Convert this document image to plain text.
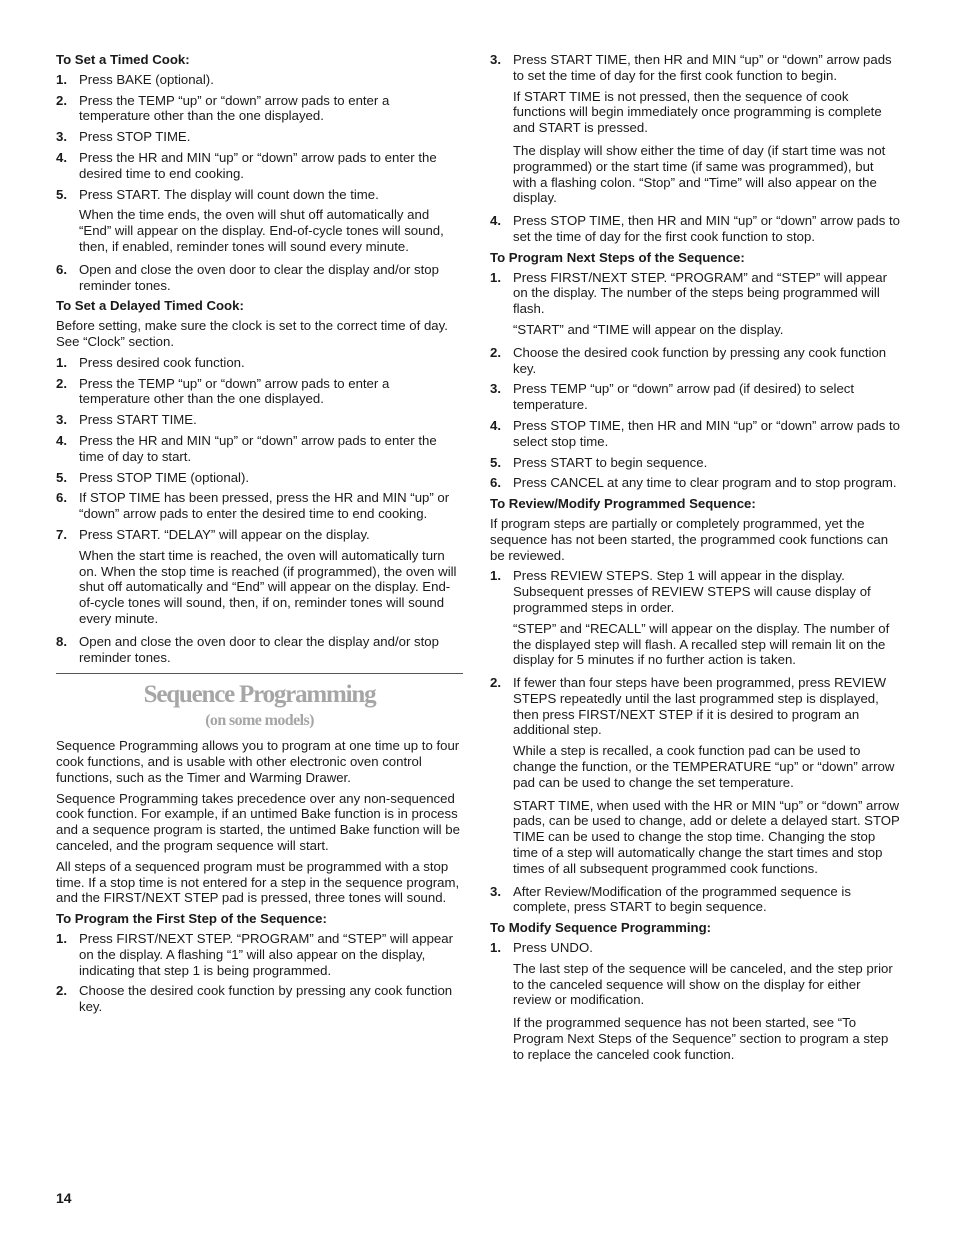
To Set a Timed Cook:
1. Press BAKE (optional).
2. Press the TEMP “up” or “down” arrow pads to enter a temperature other than the one displayed.
3. Press STOP TIME.
4. Press the HR and MIN “up” or “down” arrow pads to enter the desired time to end cooking.
5. Press START. The display will count down the time.
When the time ends, the oven will shut off automatically and “End” will appear on the display. End-of-cycle tones will sound, then, if enabled, reminder tones will sound every minute.
6. Open and close the oven door to clear the display and/or stop reminder tones.
To Set a Delayed Timed Cook:

Before setting, make sure the clock is set to the correct time of day. See “Clock” section.

1. Press desired cook function.
2. Press the TEMP “up” or “down” arrow pads to enter a temperature other than the one displayed.
3. Press START TIME.
4. Press the HR and MIN “up” or “down” arrow pads to enter the time of day to start.
5. Press STOP TIME (optional).
6. If STOP TIME has been pressed, press the HR and MIN “up” or “down” arrow pads to enter the desired time to end cooking.
7. Press START. “DELAY” will appear on the display.
When the start time is reached, the oven will automatically turn on. When the stop time is reached (if programmed), the oven will shut off automatically and “End” will appear on the display. End-of-cycle tones will sound, then, if on, reminder tones will sound every minute.
8. Open and close the oven door to clear the display and/or stop reminder tones.
Sequence Programming
(on some models)

Sequence Programming allows you to program at one time up to four cook functions, and is usable with other electronic oven control functions, such as the Timer and Warming Drawer.

Sequence Programming takes precedence over any non-sequenced cook function. For example, if an untimed Bake function is in process and a sequence program is started, the untimed Bake function will be canceled, and the program sequence will start.

All steps of a sequenced program must be programmed with a stop time. If a stop time is not entered for a step in the sequence program, and the FIRST/NEXT STEP pad is pressed, three tones will sound.

To Program the First Step of the Sequence:
1. Press FIRST/NEXT STEP. “PROGRAM” and “STEP” will appear on the display. A flashing “1” will also appear on the display, indicating that step 1 is being programmed.
2. Choose the desired cook function by pressing any cook function key.
3. Press START TIME, then HR and MIN “up” or “down” arrow pads to set the time of day for the first cook function to begin.
If START TIME is not pressed, then the sequence of cook functions will begin immediately once programming is complete and START is pressed.
The display will show either the time of day (if start time was not programmed) or the start time (if same was programmed), but with a flashing colon. “Stop” and “Time” will also appear on the display.
4. Press STOP TIME, then HR and MIN “up” or “down” arrow pads to set the time of day for the first cook function to stop.
To Program Next Steps of the Sequence:
1. Press FIRST/NEXT STEP. “PROGRAM” and “STEP” will appear on the display. The number of the steps being programmed will flash.
“START” and “TIME will appear on the display.
2. Choose the desired cook function by pressing any cook function key.
3. Press TEMP “up” or “down” arrow pad (if desired) to select temperature.
4. Press STOP TIME, then HR and MIN “up” or “down” arrow pads to select stop time.
5. Press START to begin sequence.
6. Press CANCEL at any time to clear program and to stop program.
To Review/Modify Programmed Sequence:

If program steps are partially or completely programmed, yet the sequence has not been started, the programmed cook functions can be reviewed.

1. Press REVIEW STEPS. Step 1 will appear in the display. Subsequent presses of REVIEW STEPS will cause display of programmed steps in order.
“STEP” and “RECALL” will appear on the display. The number of the displayed step will flash. A recalled step will remain lit on the display for 5 minutes if no further action is taken.
2. If fewer than four steps have been programmed, press REVIEW STEPS repeatedly until the last programmed step is displayed, then press FIRST/NEXT STEP if it is desired to program an additional step.
While a step is recalled, a cook function pad can be used to change the function, or the TEMPERATURE “up” or “down” arrow pad can be used to change the set temperature.
START TIME, when used with the HR or MIN “up” or “down” arrow pads, can be used to change, add or delete a delayed start. STOP TIME can be used to change the stop time. Changing the stop time of a step will automatically change the start times and stop times of all subsequent programmed cook functions.
3. After Review/Modification of the programmed sequence is complete, press START to begin sequence.
To Modify Sequence Programming:
1. Press UNDO.
The last step of the sequence will be canceled, and the step prior to the canceled sequence will show on the display for either review or modification.
If the programmed sequence has not been started, see “To Program Next Steps of the Sequence” section to program a step to replace the canceled cook function.
14
